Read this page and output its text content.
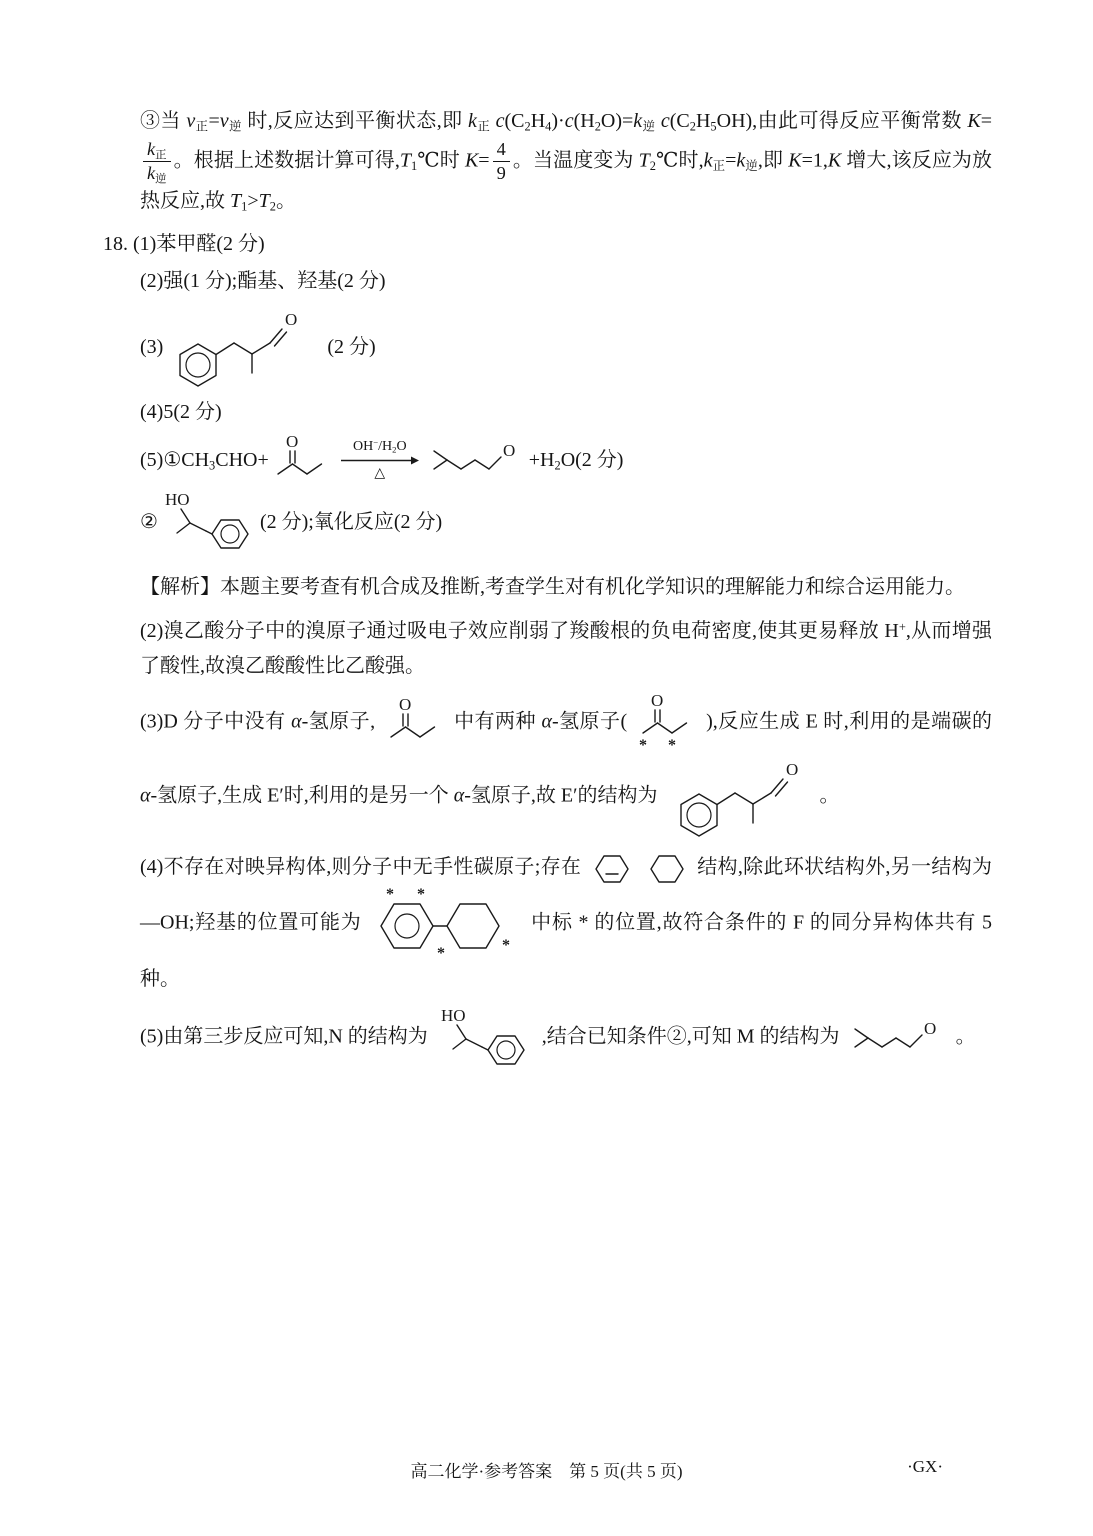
③当 $v_正=v_逆$ 时,反应达到平衡状态,即 $k_正$ $c(C_2H_4)\cdot c(H_2O)=k_逆$ $c(C_2H_5OH)$,由此可得反应平衡常数 K=
$\frac{k_正}{k_逆}$ 。根据上述数据计算可得$,T_1℃$时 $K= \frac{4}{9}$ 。当温度变为 $T_2℃$时$,k_正=k_逆$,即 K=1,K 增大,该反应为放热反应,故 $T_1>T_2$。

18. (1)苯甲醛(2 分)

(2)强(1 分);酯基、羟基(2 分)

(3)
O
(2 分)

(4)5(2 分)

$(5)①CH_3CHO+$
O	$OH^-/H_2O$
△
$O +H_2O(2$ 分)
②
HO
(2 分);氧化反应(2 分)

【解析】本题主要考查有机合成及推断,考查学生对有机化学知识的理解能力和综合运用能力。

(2)溴乙酸分子中的溴原子通过吸电子效应削弱了羧酸根的负电荷密度,使其更易释放 H+,从而增强了酸性,故溴乙酸酸性比乙酸强。

(3)D 分子中没有 α-氢原子,
O
中有两种 α-氢原子(
O
* *
),反应生成 E 时,利用的是端碳的 α-氢原子,生成 E′时,利用的是另一个 α-氢原子,故 E′的结构为
O
。

(4)不存在对映异构体,则分子中无手性碳原子;存在	结构,除此环状结构外,另一结构为 —OH;羟基的位置可能为
* *
*	*
中标 * 的位置,故符合条件的 F 的同分异构体共有 5 种。

(5)由第三步反应可知,N 的结构为
HO
,结合已知条件②,可知 M 的结构为	O 。

高二化学·参考答案　第 5 页(共 5 页)	·GX·
